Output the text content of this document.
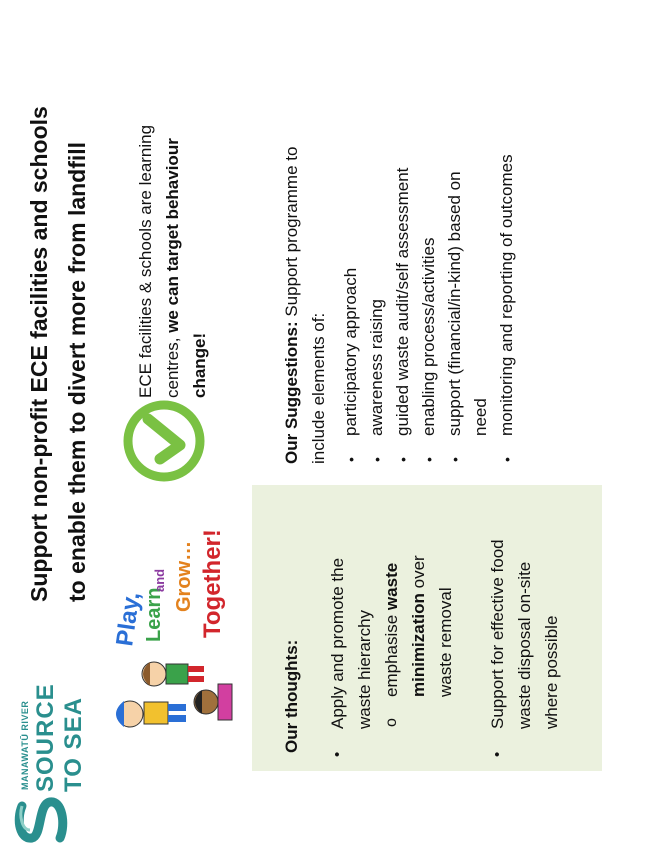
MANAWATŪ RIVER SOURCE TO SEA
Support non-profit ECE facilities and schools to enable them to divert more from landfill
Play,
Learn
and Grow… Together!
Our thoughts:
•
Apply and promote the waste hierarchy o
emphasise waste
minimization over
waste removal
•
Support for effective food waste disposal on-site where possible
ECE facilities & schools are learning centres, we can target behaviour
change!	Our Suggestions: Support programme to
include elements of:	•
participatory approach
•
awareness raising
•
guided waste audit/self assessment
•
enabling process/activities
•
support (financial/in-kind) based on need
•
monitoring and reporting of outcomes
